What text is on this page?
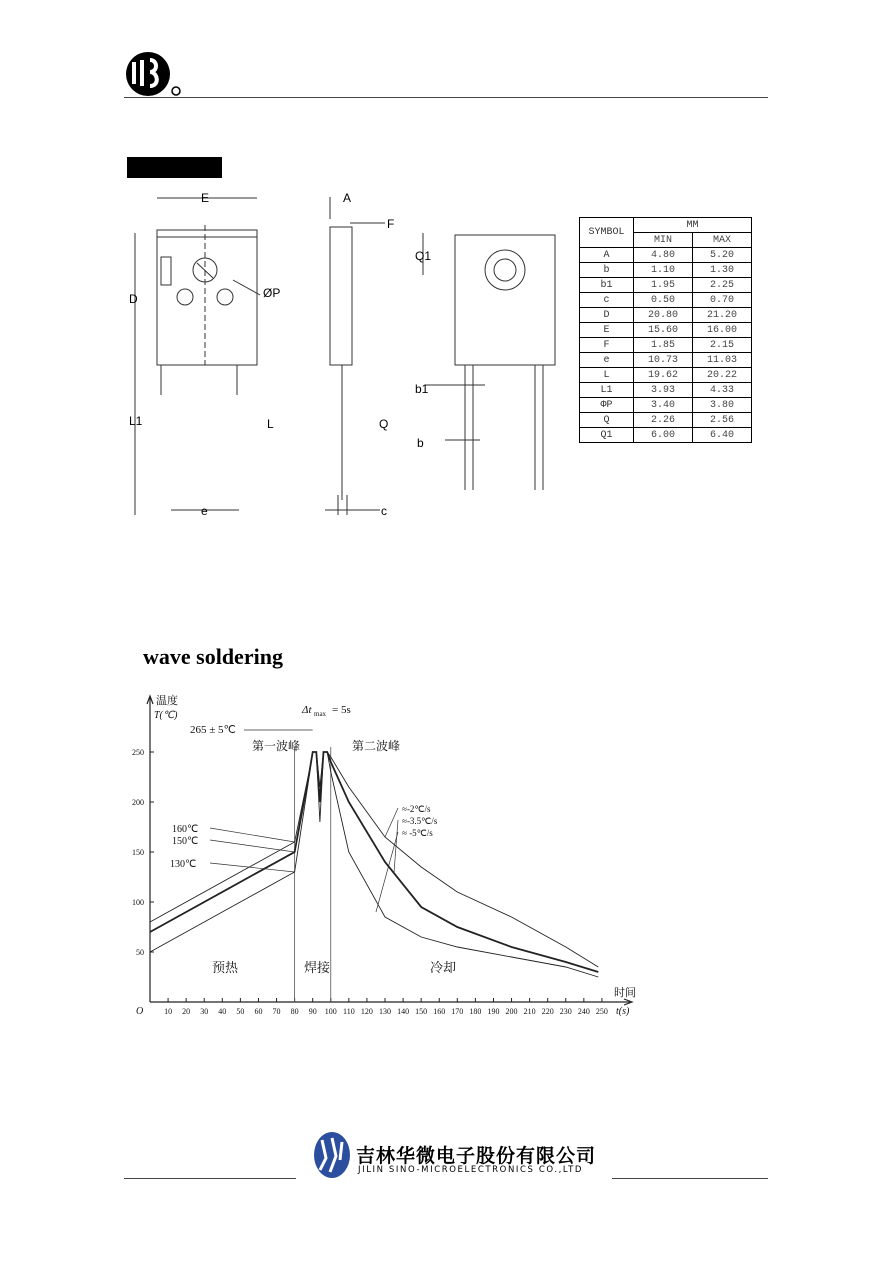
E	A
F
D
L1	L
ØP
Q
Q1
b1
b
e	c
SYMBOL	MM	
	MIN	MAX
A	4.80	5.20
b	1.10	1.30
b1	1.95	2.25
c	0.50	0.70
D	20.80	21.20
E	15.60	16.00
F	1.85	2.15
e	10.73	11.03
L	19.62	20.22
L1	3.93	4.33
ΦP	3.40	3.80
Q	2.26	2.56
Q1	6.00	6.40
wave soldering
10 20 30 40 50 60 70 80 90 100 110 120 130 140 150 160 170 180 190 200 210 220 230 240 250
50
100
150
200
250
温度
T(℃)
时间
t(s)
O
265 ± 5℃
Δt max = 5s
第一波峰	第二波峰
160℃
150℃
130℃
≈-2℃/s
≈-3.5℃/s
≈ -5℃/s
预热	焊接	冷却
吉林华微电子股份有限公司
JILIN SINO-MICROELECTRONICS CO.,LTD
